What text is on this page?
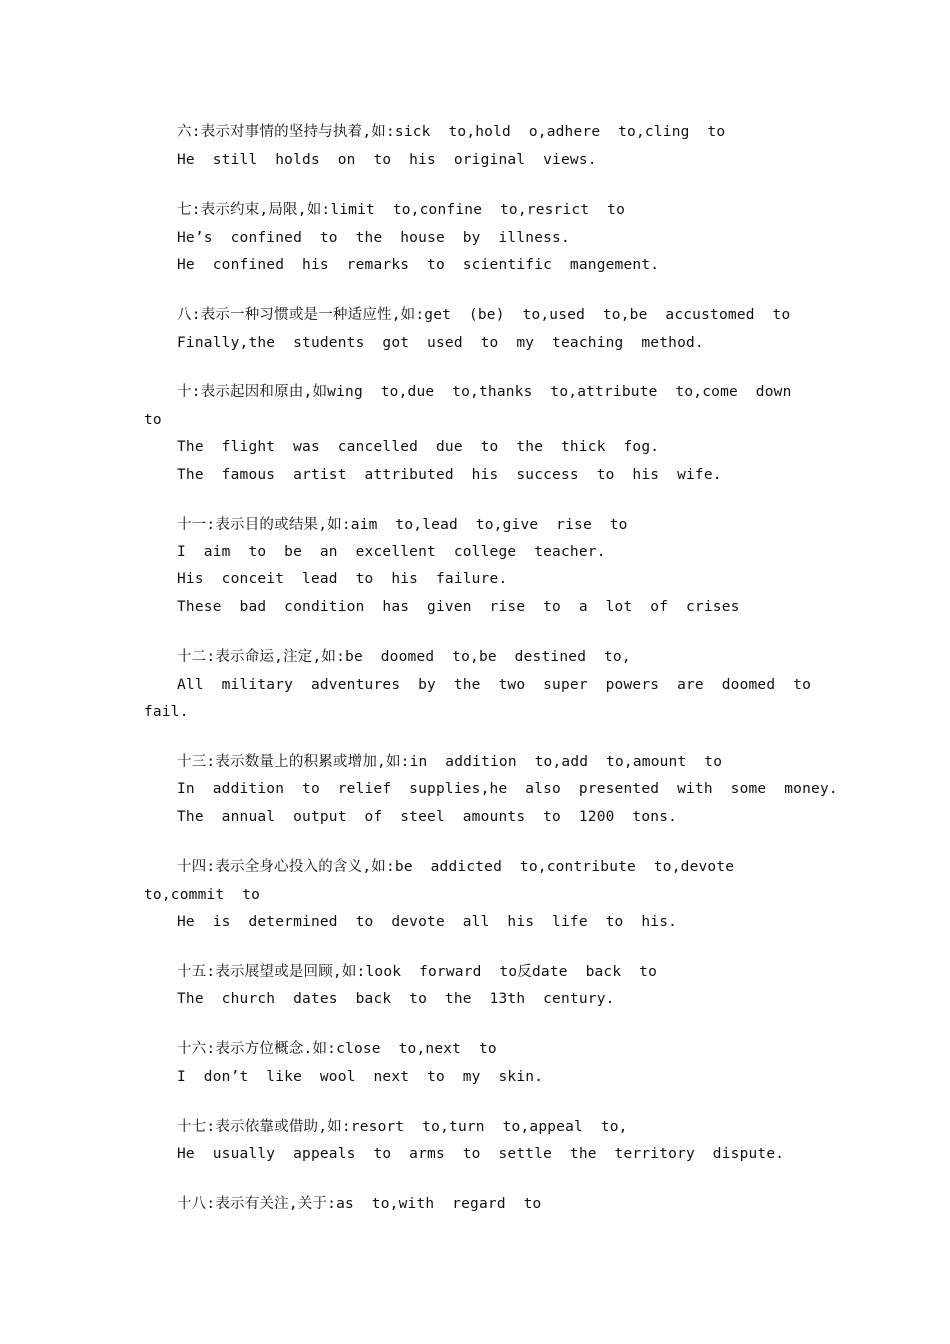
六:表示对事情的坚持与执着,如:sick  to,hold  o,adhere  to,cling  to
He  still  holds  on  to  his  original  views.
七:表示约束,局限,如:limit  to,confine  to,resrict  to
He’s  confined  to  the  house  by  illness.
He  confined  his  remarks  to  scientific  mangement.
八:表示一种习惯或是一种适应性,如:get  (be)  to,used  to,be  accustomed  to
Finally,the  students  got  used  to  my  teaching  method.
十:表示起因和原由,如wing  to,due  to,thanks  to,attribute  to,come  down
to
The  flight  was  cancelled  due  to  the  thick  fog.
The  famous  artist  attributed  his  success  to  his  wife.
十一:表示目的或结果,如:aim  to,lead  to,give  rise  to
I  aim  to  be  an  excellent  college  teacher.
His  conceit  lead  to  his  failure.
These  bad  condition  has  given  rise  to  a  lot  of  crises
十二:表示命运,注定,如:be  doomed  to,be  destined  to,
All  military  adventures  by  the  two  super  powers  are  doomed  to
fail.
十三:表示数量上的积累或增加,如:in  addition  to,add  to,amount  to
In  addition  to  relief  supplies,he  also  presented  with  some  money.
The  annual  output  of  steel  amounts  to  1200  tons.
十四:表示全身心投入的含义,如:be  addicted  to,contribute  to,devote
to,commit  to
He  is  determined  to  devote  all  his  life  to  his.
十五:表示展望或是回顾,如:look  forward  to反date  back  to
The  church  dates  back  to  the  13th  century.
十六:表示方位概念.如:close  to,next  to
I  don’t  like  wool  next  to  my  skin.
十七:表示依靠或借助,如:resort  to,turn  to,appeal  to,
He  usually  appeals  to  arms  to  settle  the  territory  dispute.
十八:表示有关注,关于:as  to,with  regard  to
